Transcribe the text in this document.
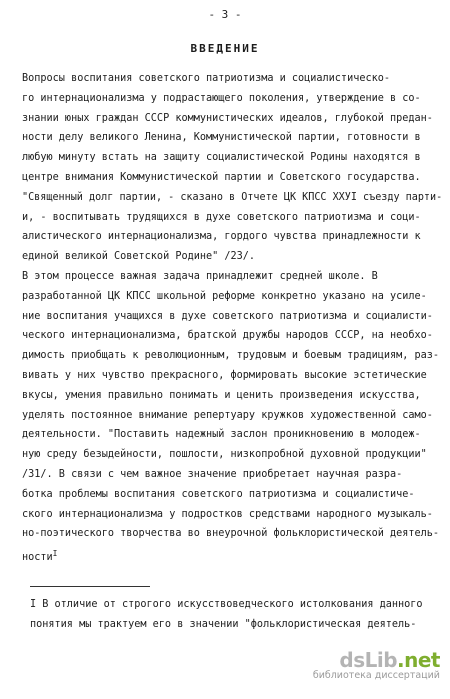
- 3 -
ВВЕДЕНИЕ
Вопросы воспитания советского патриотизма и социалистическо-
го интернационализма у подрастающего поколения, утверждение в со-
знании юных граждан СССР коммунистических идеалов, глубокой предан-
ности делу великого Ленина, Коммунистической партии, готовности в
любую минуту встать на защиту социалистической Родины находятся в
центре внимания Коммунистической партии и Советского государства.
"Священный долг партии, - сказано в Отчете ЦК КПСС ХХУI съезду парти-
и, - воспитывать трудящихся в духе советского патриотизма и соци-
алистического интернационализма, гордого чувства принадлежности к
единой великой Советской Родине" /23/.
В этом процессе важная задача принадлежит средней школе. В
разработанной ЦК КПСС школьной реформе конкретно указано на усиле-
ние воспитания учащихся в духе советского патриотизма и социалисти-
ческого интернационализма, братской дружбы народов СССР, на необхо-
димость приобщать к революционным, трудовым и боевым традициям, раз-
вивать у них чувство прекрасного, формировать высокие эстетические
вкусы, умения правильно понимать и ценить произведения искусства,
уделять постоянное внимание репертуару кружков художественной само-
деятельности. "Поставить надежный заслон проникновению в молодеж-
ную среду безыдейности, пошлости, низкопробной духовной продукции"
/31/. В связи с чем важное значение приобретает научная разра-
ботка проблемы воспитания советского патриотизма и социалистиче-
ского интернационализма у подростков средствами народного музыкаль-
но-поэтического творчества во внеурочной фольклористической деятель-
ности$^I$
I В отличие от строгого искусствоведческого истолкования данного
понятия мы трактуем его в значении "фольклористическая деятель-
dsLib.net
библиотека диссертаций
